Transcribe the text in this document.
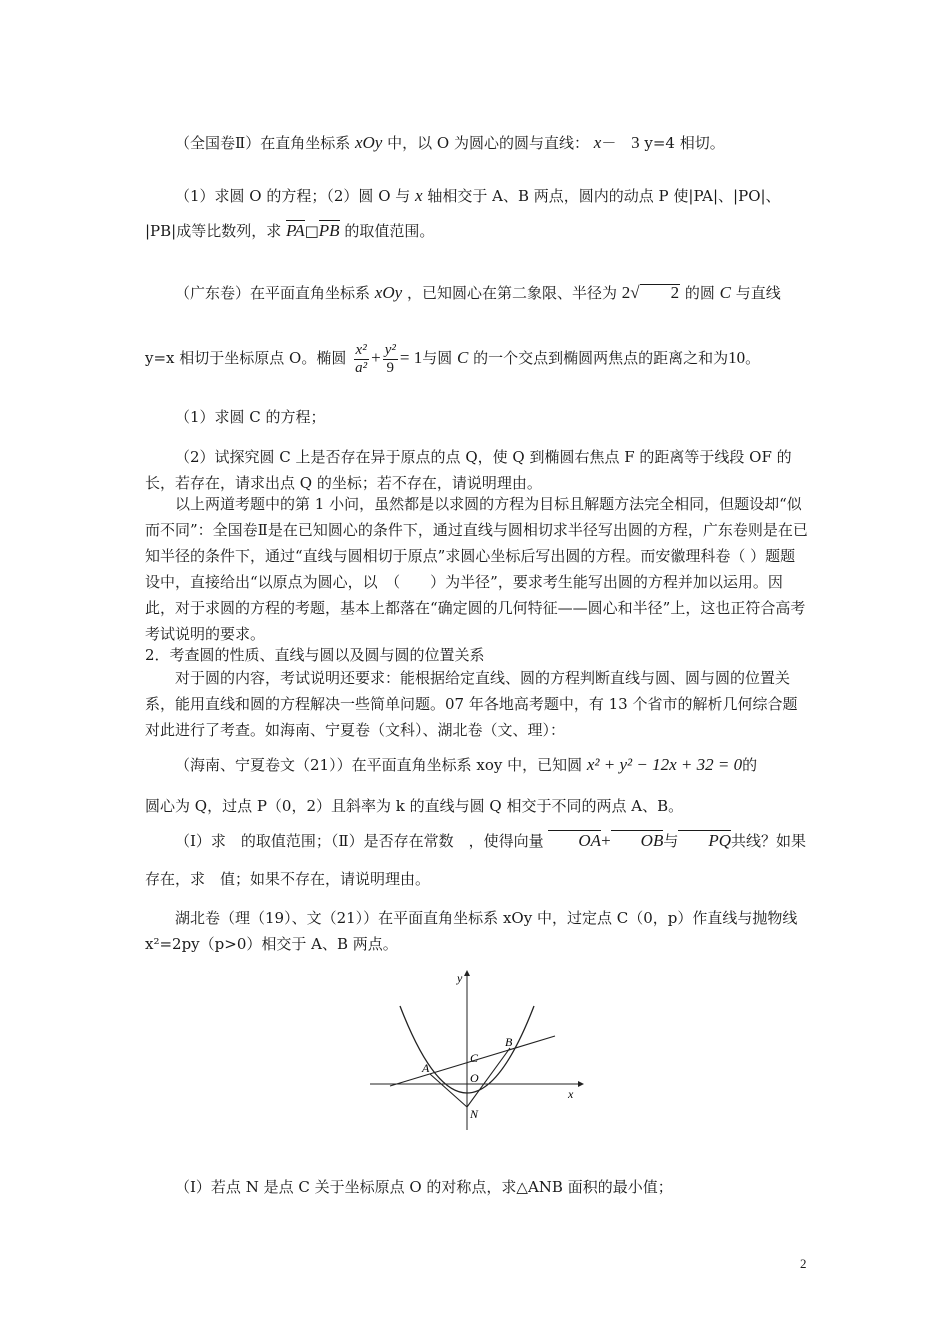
（全国卷Ⅱ）在直角坐标系 xOy 中，以 O 为圆心的圆与直线： x－ 3 y=4 相切。

（1）求圆 O 的方程；（2）圆 O 与 x 轴相交于 A、B 两点，圆内的动点 P 使|PA|、|PO|、

|PB|成等比数列，求 PA□PB 的取值范围。

（广东卷）在平面直角坐标系 xOy ，已知圆心在第二象限、半径为 2√ 2 的圆 C 与直线

y=x 相切于坐标原点 O。椭圆 $\frac{\text{x²}}{\text{a²}} + \frac{\text{y²}}{9} = 1$与圆 C 的一个交点到椭圆两焦点的距离之和为10。

（1）求圆 C 的方程；

（2）试探究圆 C 上是否存在异于原点的点 Q，使 Q 到椭圆右焦点 F 的距离等于线段 OF 的长，若存在，请求出点 Q 的坐标；若不存在，请说明理由。

以上两道考题中的第 1 小问，虽然都是以求圆的方程为目标且解题方法完全相同，但题设却“似而不同”：全国卷Ⅱ是在已知圆心的条件下，通过直线与圆相切求半径写出圆的方程，广东卷则是在已知半径的条件下，通过“直线与圆相切于原点”求圆心坐标后写出圆的方程。而安徽理科卷（ ）题题设中，直接给出“以原点为圆心，以　（　　）为半径”，要求考生能写出圆的方程并加以运用。因此，对于求圆的方程的考题，基本上都落在“确定圆的几何特征——圆心和半径”上，这也正符合高考考试说明的要求。

2．考查圆的性质、直线与圆以及圆与圆的位置关系

对于圆的内容，考试说明还要求：能根据给定直线、圆的方程判断直线与圆、圆与圆的位置关系，能用直线和圆的方程解决一些简单问题。07 年各地高考题中，有 13 个省市的解析几何综合题对此进行了考查。如海南、宁夏卷（文科）、湖北卷（文、理）：

（海南、宁夏卷文（21））在平面直角坐标系 xoy 中，已知圆 x² + y² − 12x + 32 = 0的

圆心为 Q，过点 P（0，2）且斜率为 k 的直线与圆 Q 相交于不同的两点 A、B。

（Ⅰ）求　的取值范围；（Ⅱ）是否存在常数　，使得向量 OA+ OB与 PQ共线？如果

存在，求　值；如果不存在，请说明理由。

湖北卷（理（19）、文（21））在平面直角坐标系 xOy 中，过定点 C（0，p）作直线与抛物线 x²=2py（p>0）相交于 A、B 两点。

y
x
A
B
C
O
N

（Ⅰ）若点 N 是点 C 关于坐标原点 O 的对称点，求△ANB 面积的最小值；

2
